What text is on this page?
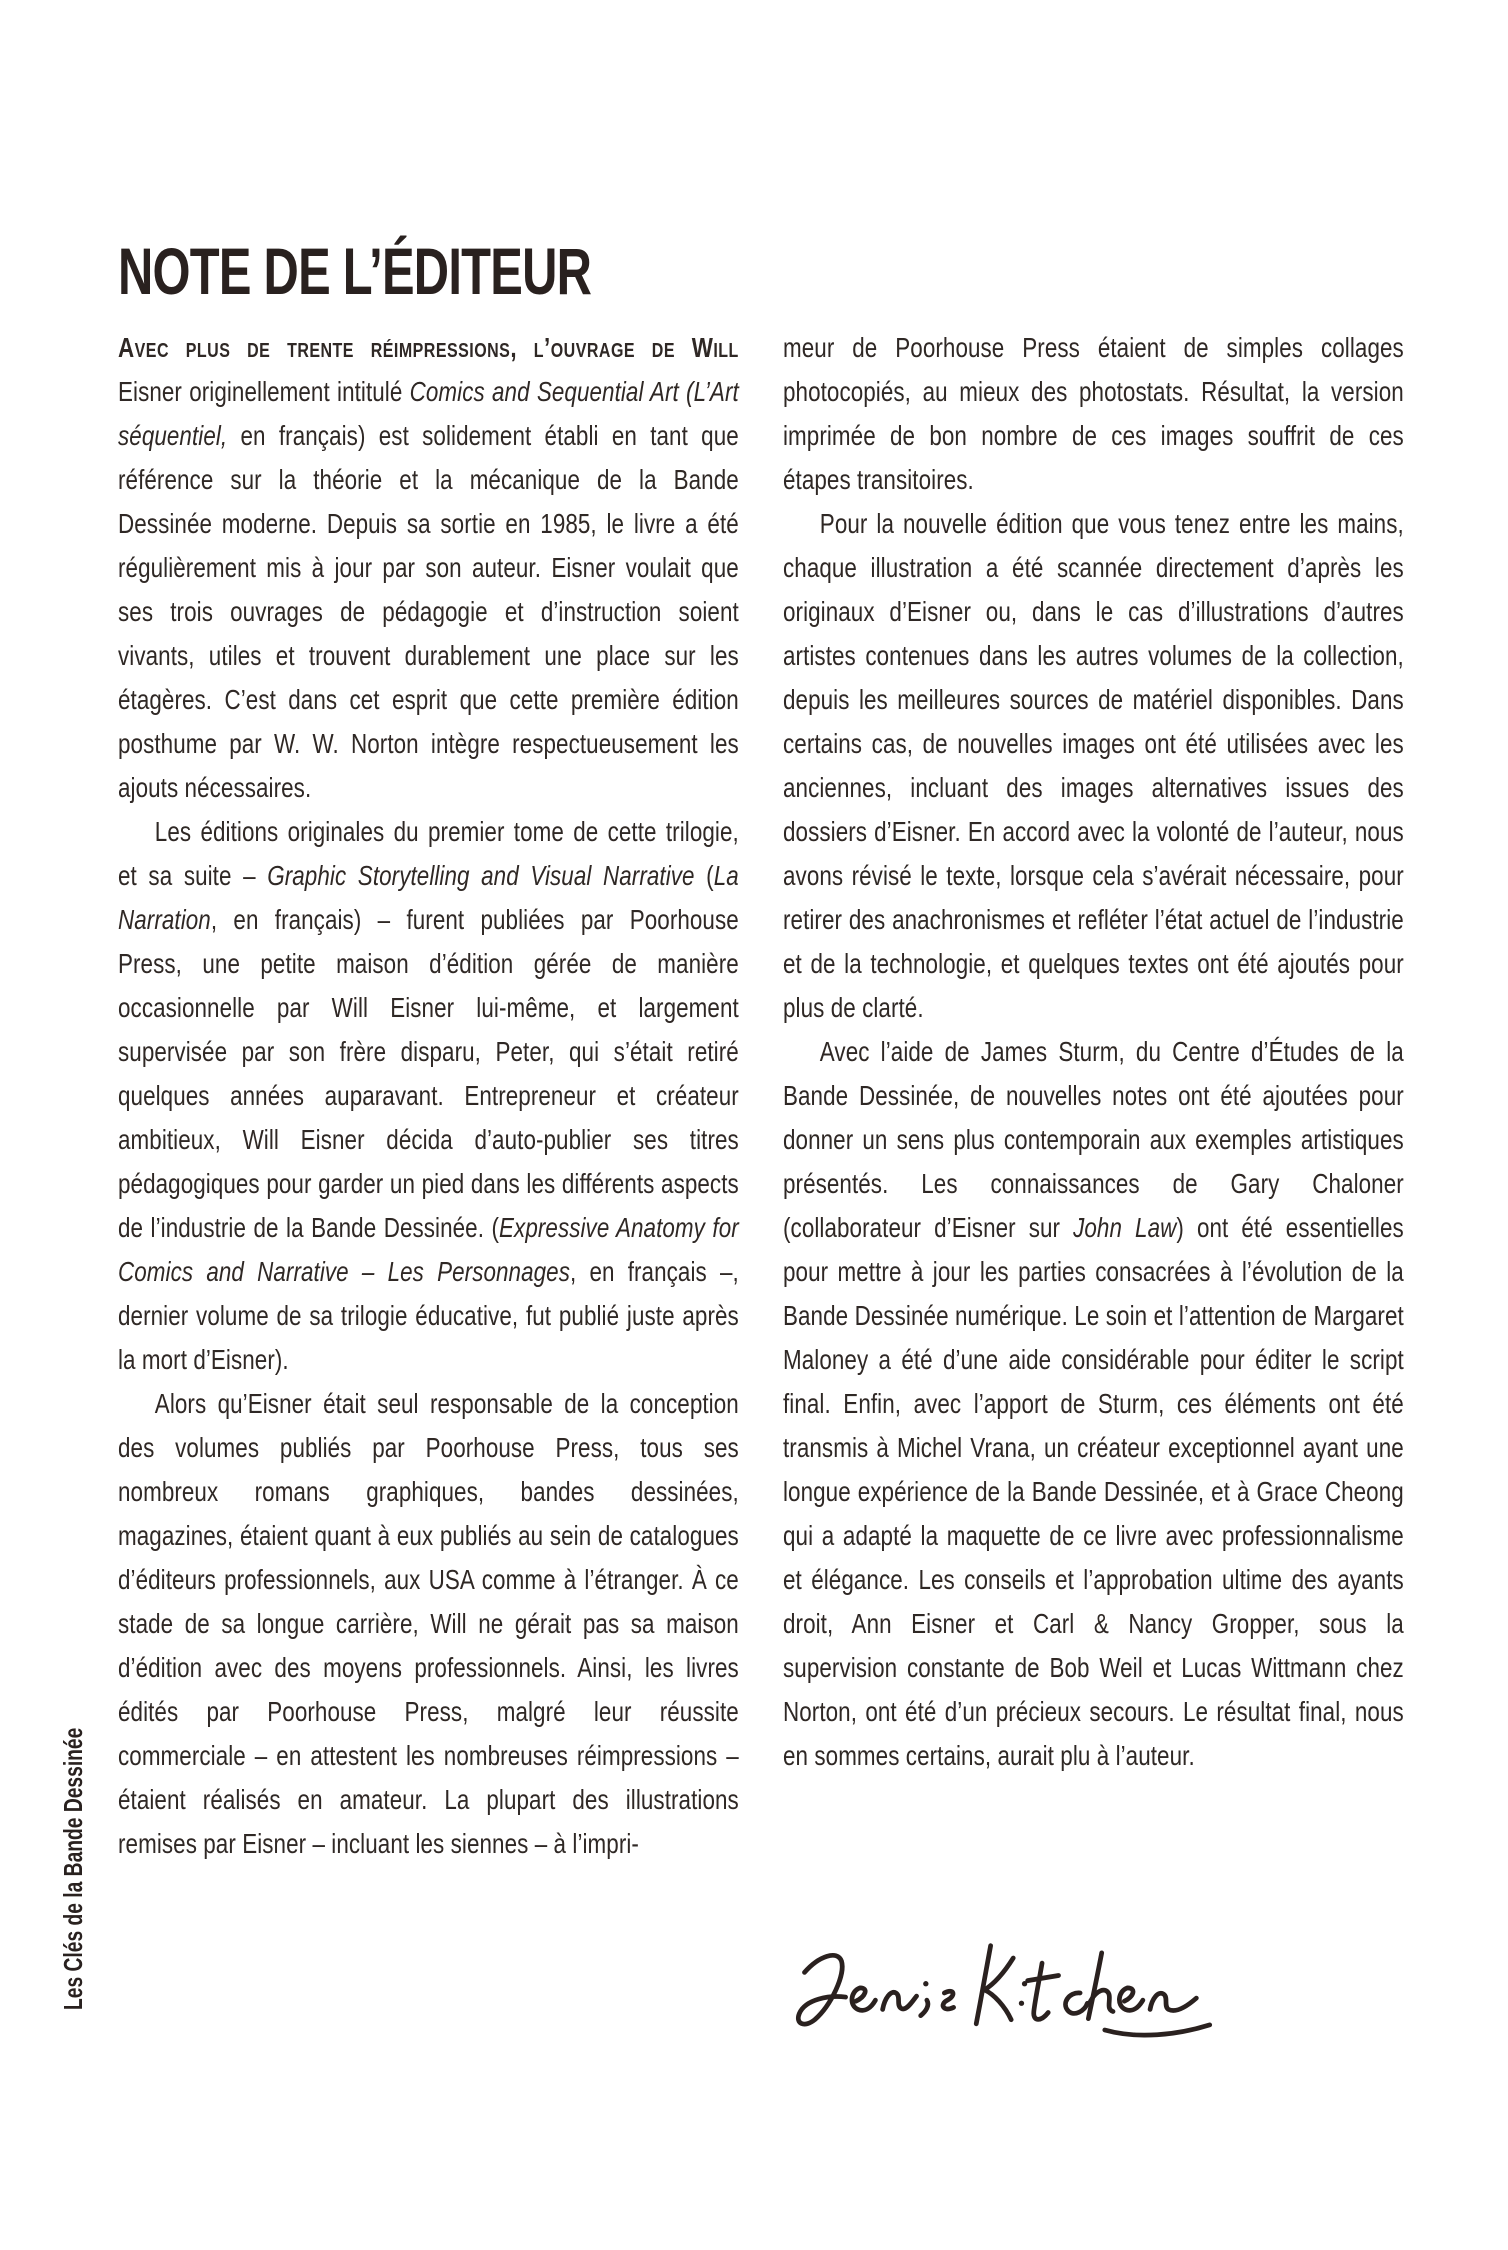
Les Clés de la Bande Dessinée
NOTE DE L’ÉDITEUR

Avec plus de trente réimpressions, l’ouvrage de Will Eisner originellement intitulé Comics and Sequential Art (L’Art séquentiel, en français) est solidement établi en tant que référence sur la théorie et la mécanique de la Bande Dessinée moderne. Depuis sa sortie en 1985, le livre a été régulièrement mis à jour par son auteur. Eisner voulait que ses trois ouvrages de pédagogie et d’instruction soient vivants, utiles et trouvent durablement une place sur les étagères. C’est dans cet esprit que cette première édition posthume par W. W. Norton intègre respectueusement les ajouts nécessaires.

Les éditions originales du premier tome de cette trilogie, et sa suite – Graphic Storytelling and Visual Narrative (La Narration, en français) – furent publiées par Poorhouse Press, une petite maison d’édition gérée de manière occasionnelle par Will Eisner lui-même, et largement supervisée par son frère disparu, Peter, qui s’était retiré quelques années auparavant. Entrepreneur et créateur ambitieux, Will Eisner décida d’auto-publier ses titres pédagogiques pour garder un pied dans les différents aspects de l’industrie de la Bande Dessinée. (Expressive Anatomy for Comics and Narrative – Les Personnages, en français –, dernier volume de sa trilogie éducative, fut publié juste après la mort d’Eisner).

Alors qu’Eisner était seul responsable de la conception des volumes publiés par Poorhouse Press, tous ses nombreux romans graphiques, bandes dessinées, magazines, étaient quant à eux publiés au sein de catalogues d’éditeurs professionnels, aux USA comme à l’étranger. À ce stade de sa longue carrière, Will ne gérait pas sa maison d’édition avec des moyens professionnels. Ainsi, les livres édités par Poorhouse Press, malgré leur réussite commerciale – en attestent les nombreuses réimpressions – étaient réalisés en amateur. La plupart des illustrations remises par Eisner – incluant les siennes – à l’impri-

meur de Poorhouse Press étaient de simples collages photocopiés, au mieux des photostats. Résultat, la version imprimée de bon nombre de ces images souffrit de ces étapes transitoires.

Pour la nouvelle édition que vous tenez entre les mains, chaque illustration a été scannée directement d’après les originaux d’Eisner ou, dans le cas d’illustrations d’autres artistes contenues dans les autres volumes de la collection, depuis les meilleures sources de matériel disponibles. Dans certains cas, de nouvelles images ont été utilisées avec les anciennes, incluant des images alternatives issues des dossiers d’Eisner. En accord avec la volonté de l’auteur, nous avons révisé le texte, lorsque cela s’avérait nécessaire, pour retirer des anachronismes et refléter l’état actuel de l’industrie et de la technologie, et quelques textes ont été ajoutés pour plus de clarté.

Avec l’aide de James Sturm, du Centre d’Études de la Bande Dessinée, de nouvelles notes ont été ajoutées pour donner un sens plus contemporain aux exemples artistiques présentés. Les connaissances de Gary Chaloner (collaborateur d’Eisner sur John Law) ont été essentielles pour mettre à jour les parties consacrées à l’évolution de la Bande Dessinée numérique. Le soin et l’attention de Margaret Maloney a été d’une aide considérable pour éditer le script final. Enfin, avec l’apport de Sturm, ces éléments ont été transmis à Michel Vrana, un créateur exceptionnel ayant une longue expérience de la Bande Dessinée, et à Grace Cheong qui a adapté la maquette de ce livre avec professionnalisme et élégance. Les conseils et l’approbation ultime des ayants droit, Ann Eisner et Carl & Nancy Gropper, sous la supervision constante de Bob Weil et Lucas Wittmann chez Norton, ont été d’un précieux secours. Le résultat final, nous en sommes certains, aurait plu à l’auteur.
